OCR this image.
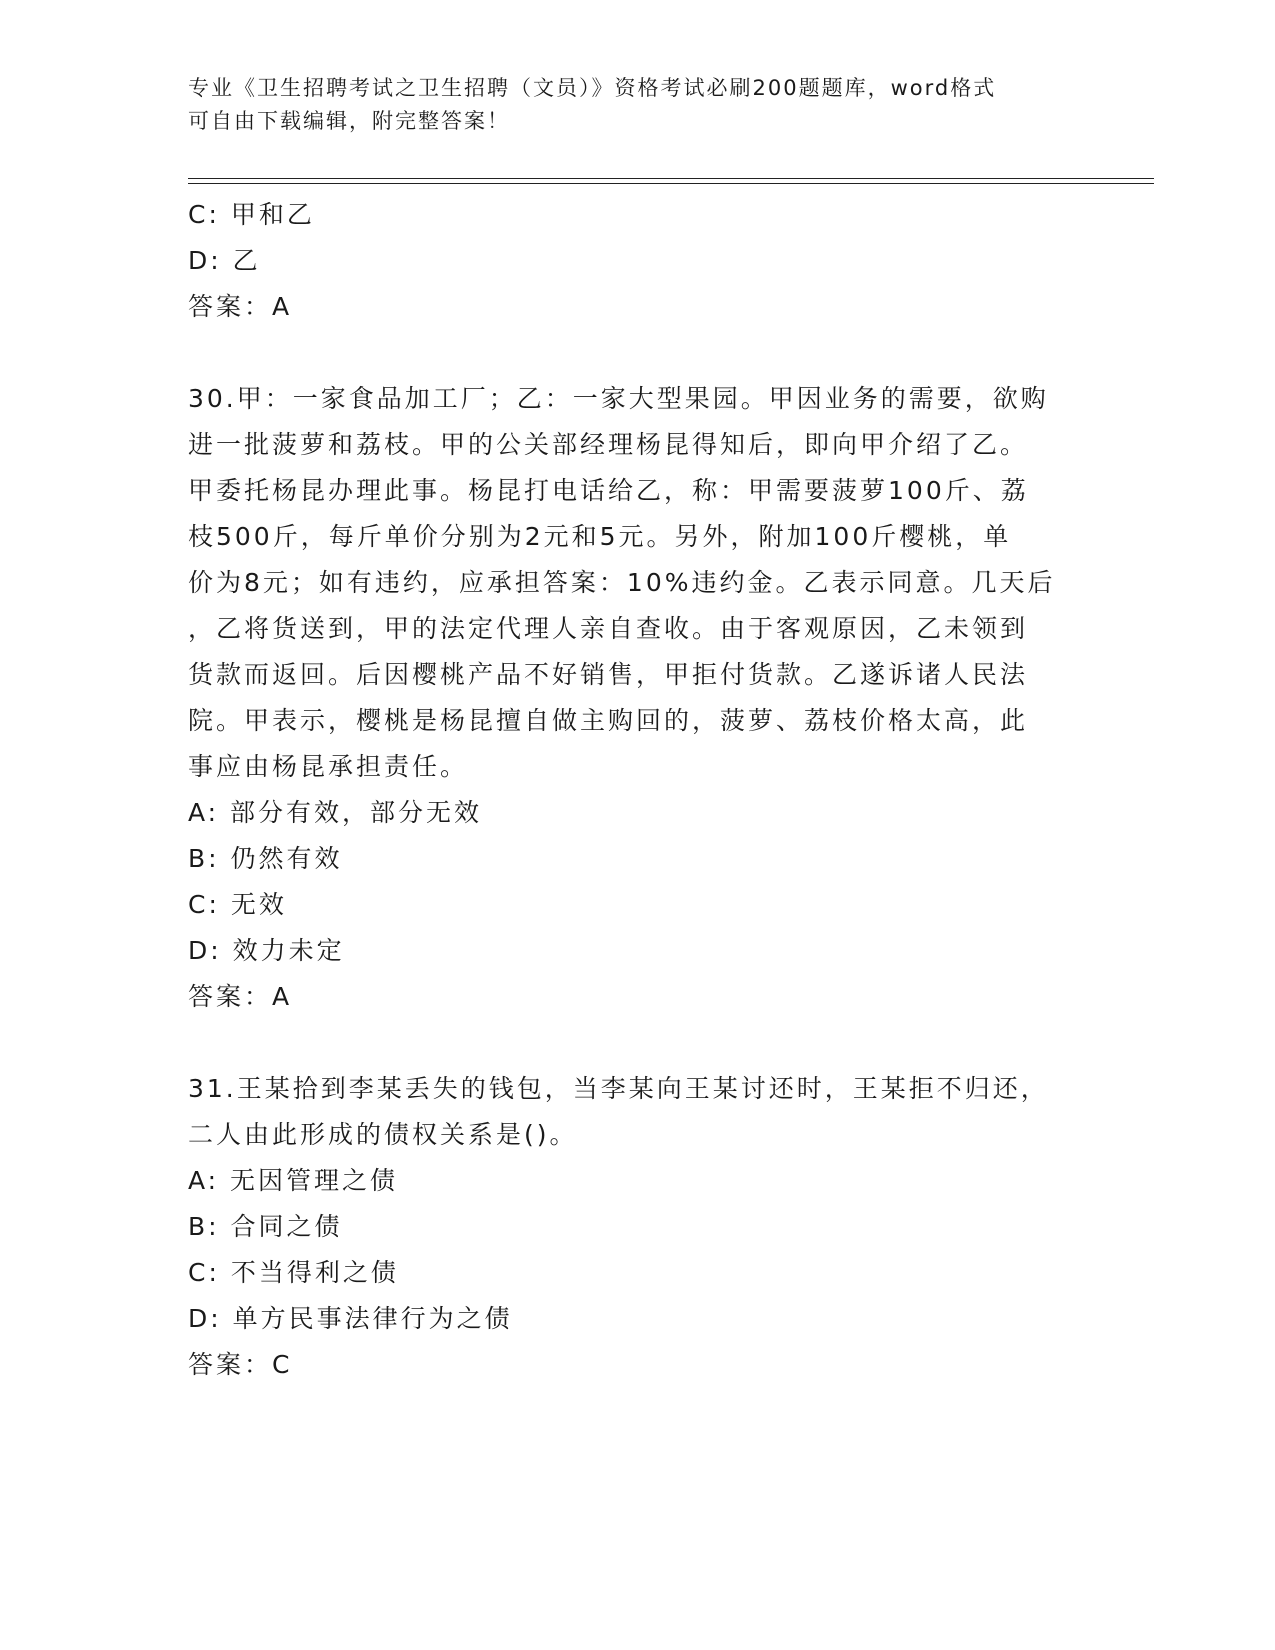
专业《卫生招聘考试之卫生招聘（文员）》资格考试必刷200题题库，word格式
可自由下载编辑，附完整答案！
C: 甲和乙
D: 乙
答案：A
30.甲：一家食品加工厂；乙：一家大型果园。甲因业务的需要，欲购
进一批菠萝和荔枝。甲的公关部经理杨昆得知后，即向甲介绍了乙。
甲委托杨昆办理此事。杨昆打电话给乙，称：甲需要菠萝100斤、荔
枝500斤，每斤单价分别为2元和5元。另外，附加100斤樱桃，单
价为8元；如有违约，应承担答案：10%违约金。乙表示同意。几天后
，乙将货送到，甲的法定代理人亲自查收。由于客观原因，乙未领到
货款而返回。后因樱桃产品不好销售，甲拒付货款。乙遂诉诸人民法
院。甲表示，樱桃是杨昆擅自做主购回的，菠萝、荔枝价格太高，此
事应由杨昆承担责任。
A: 部分有效，部分无效
B: 仍然有效
C: 无效
D: 效力未定
答案：A
31.王某拾到李某丢失的钱包，当李某向王某讨还时，王某拒不归还，
二人由此形成的债权关系是()。
A: 无因管理之债
B: 合同之债
C: 不当得利之债
D: 单方民事法律行为之债
答案：C
